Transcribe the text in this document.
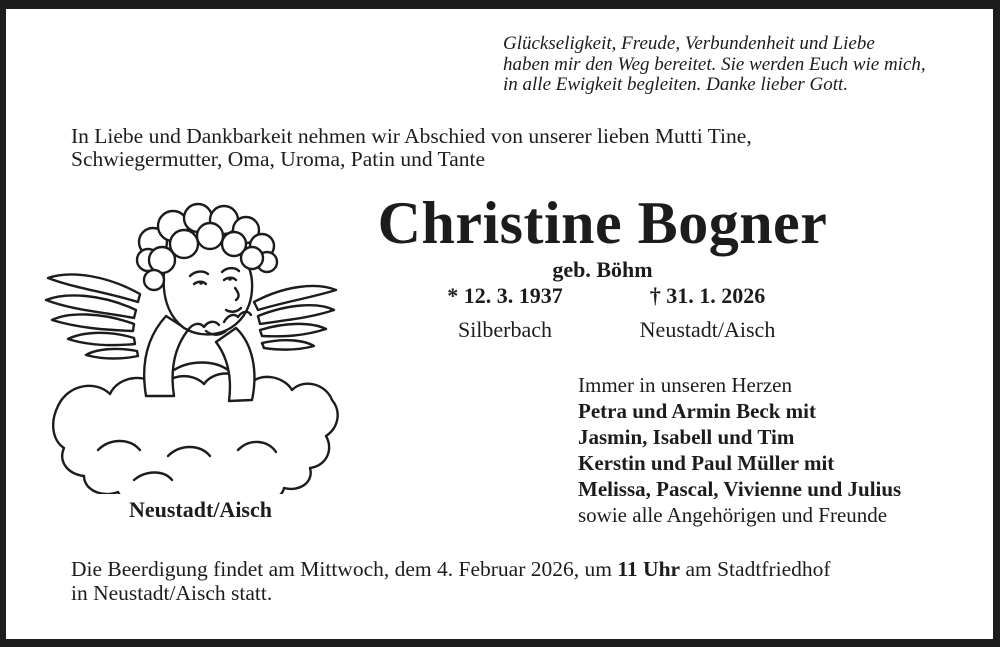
Glückseligkeit, Freude, Verbundenheit und Liebe
haben mir den Weg bereitet. Sie werden Euch wie mich,
in alle Ewigkeit begleiten. Danke lieber Gott.
In Liebe und Dankbarkeit nehmen wir Abschied von unserer lieben Mutti Tine,
Schwiegermutter, Oma, Uroma, Patin und Tante
Christine Bogner
geb. Böhm
* 12. 3. 1937
Silberbach
† 31. 1. 2026
Neustadt/Aisch
Immer in unseren Herzen
Petra und Armin Beck mit
Jasmin, Isabell und Tim
Kerstin und Paul Müller mit
Melissa, Pascal, Vivienne und Julius
sowie alle Angehörigen und Freunde
Neustadt/Aisch
Die Beerdigung findet am Mittwoch, dem 4. Februar 2026, um 11 Uhr am Stadtfriedhof
in Neustadt/Aisch statt.
